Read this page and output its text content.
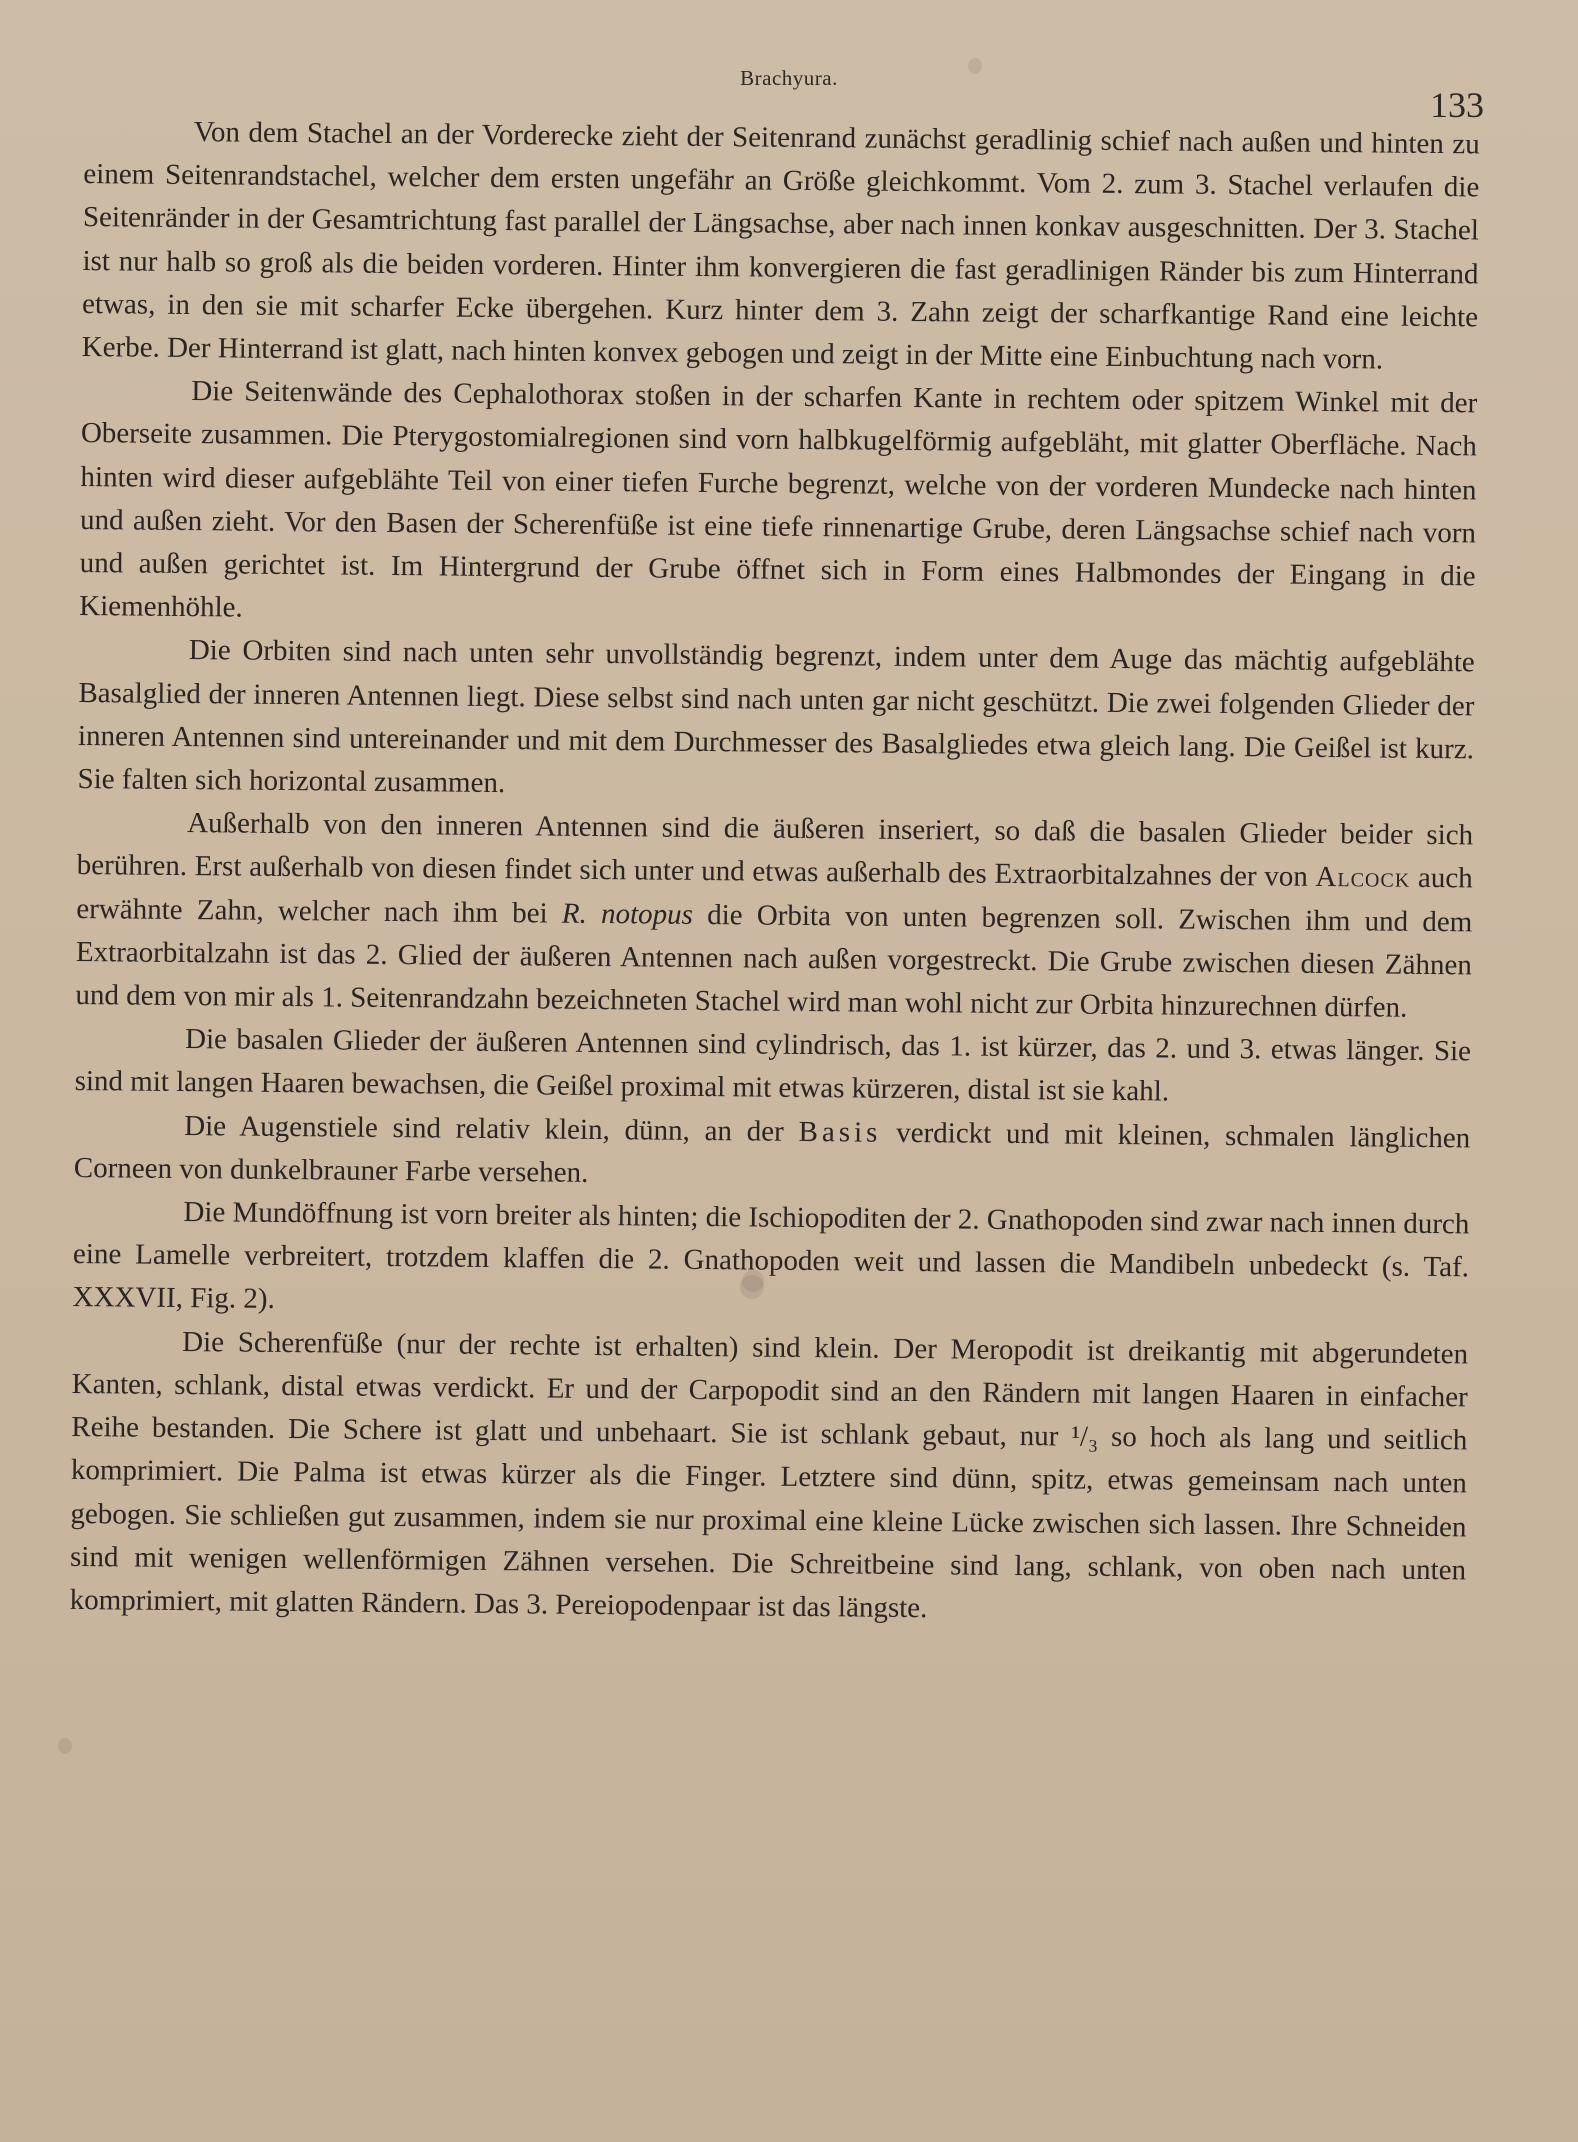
Brachyura.
133

Von dem Stachel an der Vorderecke zieht der Seitenrand zunächst geradlinig schief nach außen und hinten zu einem Seitenrandstachel, welcher dem ersten ungefähr an Größe gleichkommt. Vom 2. zum 3. Stachel verlaufen die Seitenränder in der Gesamtrichtung fast parallel der Längsachse, aber nach innen konkav ausgeschnitten. Der 3. Stachel ist nur halb so groß als die beiden vorderen. Hinter ihm konvergieren die fast geradlinigen Ränder bis zum Hinterrand etwas, in den sie mit scharfer Ecke übergehen. Kurz hinter dem 3. Zahn zeigt der scharfkantige Rand eine leichte Kerbe. Der Hinterrand ist glatt, nach hinten konvex gebogen und zeigt in der Mitte eine Einbuchtung nach vorn.

Die Seitenwände des Cephalothorax stoßen in der scharfen Kante in rechtem oder spitzem Winkel mit der Oberseite zusammen. Die Pterygostomialregionen sind vorn halbkugelförmig aufgebläht, mit glatter Oberfläche. Nach hinten wird dieser aufgeblähte Teil von einer tiefen Furche begrenzt, welche von der vorderen Mundecke nach hinten und außen zieht. Vor den Basen der Scherenfüße ist eine tiefe rinnenartige Grube, deren Längsachse schief nach vorn und außen gerichtet ist. Im Hintergrund der Grube öffnet sich in Form eines Halbmondes der Eingang in die Kiemenhöhle.

Die Orbiten sind nach unten sehr unvollständig begrenzt, indem unter dem Auge das mächtig aufgeblähte Basalglied der inneren Antennen liegt. Diese selbst sind nach unten gar nicht geschützt. Die zwei folgenden Glieder der inneren Antennen sind untereinander und mit dem Durchmesser des Basalgliedes etwa gleich lang. Die Geißel ist kurz. Sie falten sich horizontal zusammen.

Außerhalb von den inneren Antennen sind die äußeren inseriert, so daß die basalen Glieder beider sich berühren. Erst außerhalb von diesen findet sich unter und etwas außerhalb des Extraorbitalzahnes der von Alcock auch erwähnte Zahn, welcher nach ihm bei R. notopus die Orbita von unten begrenzen soll. Zwischen ihm und dem Extraorbitalzahn ist das 2. Glied der äußeren Antennen nach außen vorgestreckt. Die Grube zwischen diesen Zähnen und dem von mir als 1. Seitenrandzahn bezeichneten Stachel wird man wohl nicht zur Orbita hinzurechnen dürfen.

Die basalen Glieder der äußeren Antennen sind cylindrisch, das 1. ist kürzer, das 2. und 3. etwas länger. Sie sind mit langen Haaren bewachsen, die Geißel proximal mit etwas kürzeren, distal ist sie kahl.

Die Augenstiele sind relativ klein, dünn, an der Basis verdickt und mit kleinen, schmalen länglichen Corneen von dunkelbrauner Farbe versehen.

Die Mundöffnung ist vorn breiter als hinten; die Ischiopoditen der 2. Gnathopoden sind zwar nach innen durch eine Lamelle verbreitert, trotzdem klaffen die 2. Gnathopoden weit und lassen die Mandibeln unbedeckt (s. Taf. XXXVII, Fig. 2).

Die Scherenfüße (nur der rechte ist erhalten) sind klein. Der Meropodit ist dreikantig mit abgerundeten Kanten, schlank, distal etwas verdickt. Er und der Carpopodit sind an den Rändern mit langen Haaren in einfacher Reihe bestanden. Die Schere ist glatt und unbehaart. Sie ist schlank gebaut, nur ¹/₃ so hoch als lang und seitlich komprimiert. Die Palma ist etwas kürzer als die Finger. Letztere sind dünn, spitz, etwas gemeinsam nach unten gebogen. Sie schließen gut zusammen, indem sie nur proximal eine kleine Lücke zwischen sich lassen. Ihre Schneiden sind mit wenigen wellenförmigen Zähnen versehen. Die Schreitbeine sind lang, schlank, von oben nach unten komprimiert, mit glatten Rändern. Das 3. Pereiopodenpaar ist das längste.
